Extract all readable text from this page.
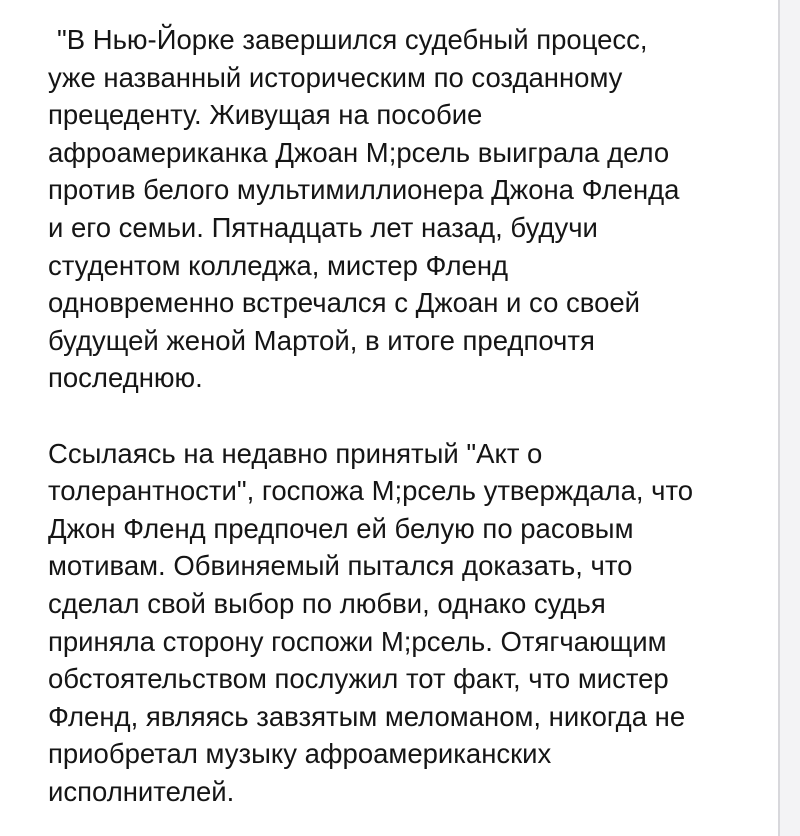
"В Нью-Йорке завершился судебный процесс,
уже названный историческим по созданному
прецеденту. Живущая на пособие
афроамериканка Джоан М;рсель выиграла дело
против белого мультимиллионера Джона Фленда
и его семьи. Пятнадцать лет назад, будучи
студентом колледжа, мистер Фленд
одновременно встречался с Джоан и со своей
будущей женой Мартой, в итоге предпочтя
последнюю.
Ссылаясь на недавно принятый "Акт о
толерантности", госпожа М;рсель утверждала, что
Джон Фленд предпочел ей белую по расовым
мотивам. Обвиняемый пытался доказать, что
сделал свой выбор по любви, однако судья
приняла сторону госпожи М;рсель. Отягчающим
обстоятельством послужил тот факт, что мистер
Фленд, являясь завзятым меломаном, никогда не
приобретал музыку афроамериканских
исполнителей.
